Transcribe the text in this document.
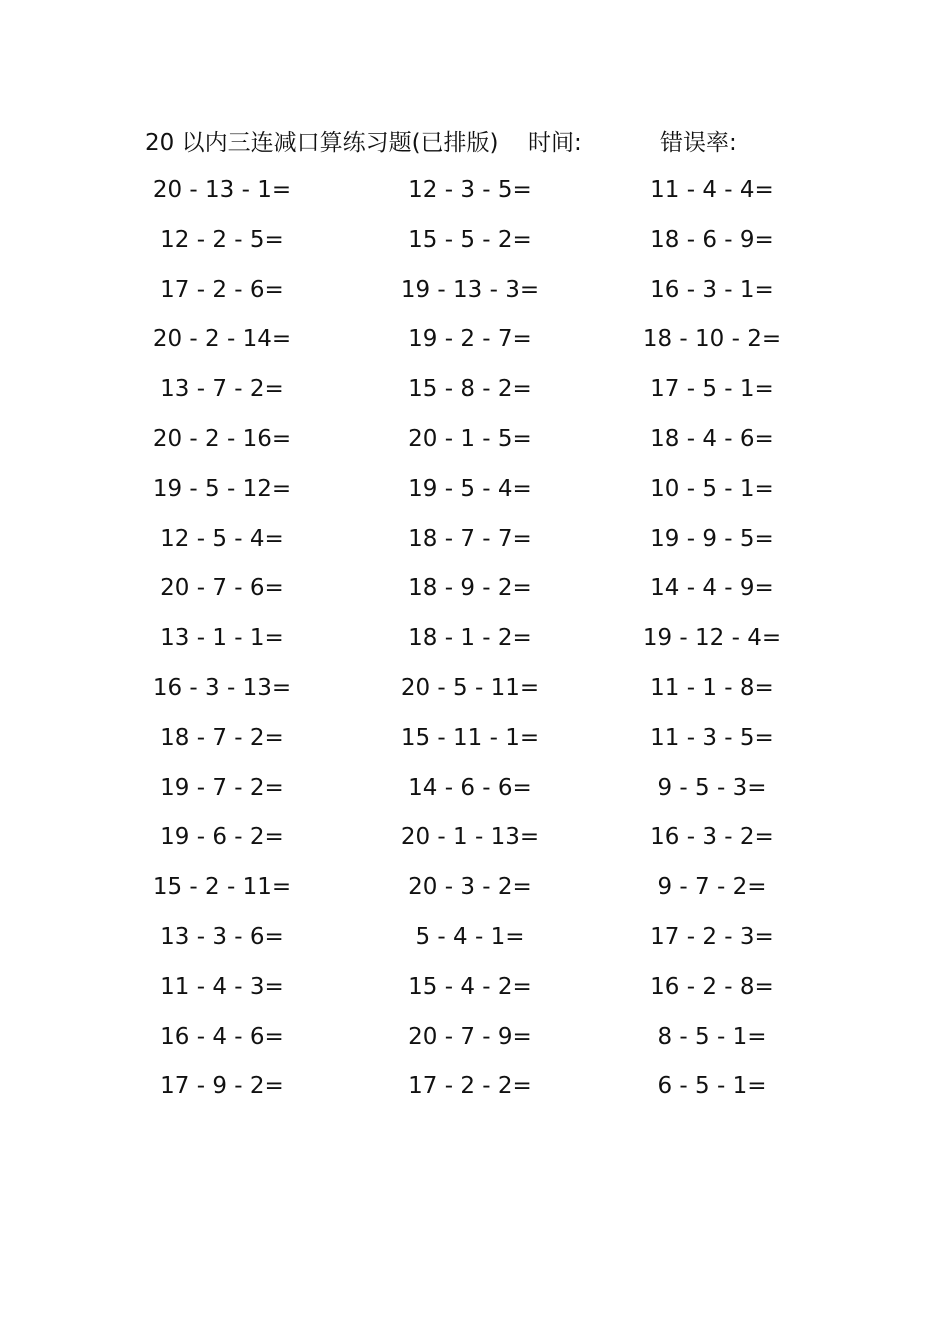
20 以内三连减口算练习题(已排版) 时间:	错误率:
20 - 13 - 1=	12 - 3 - 5=	11 - 4 - 4=
12 - 2 - 5=	15 - 5 - 2=	18 - 6 - 9=
17 - 2 - 6=	19 - 13 - 3=	16 - 3 - 1=
20 - 2 - 14=	19 - 2 - 7=	18 - 10 - 2=
13 - 7 - 2=	15 - 8 - 2=	17 - 5 - 1=
20 - 2 - 16=	20 - 1 - 5=	18 - 4 - 6=
19 - 5 - 12=	19 - 5 - 4=	10 - 5 - 1=
12 - 5 - 4=	18 - 7 - 7=	19 - 9 - 5=
20 - 7 - 6=	18 - 9 - 2=	14 - 4 - 9=
13 - 1 - 1=	18 - 1 - 2=	19 - 12 - 4=
16 - 3 - 13=	20 - 5 - 11=	11 - 1 - 8=
18 - 7 - 2=	15 - 11 - 1=	11 - 3 - 5=
19 - 7 - 2=	14 - 6 - 6=	9 - 5 - 3=
19 - 6 - 2=	20 - 1 - 13=	16 - 3 - 2=
15 - 2 - 11=	20 - 3 - 2=	9 - 7 - 2=
13 - 3 - 6=	5 - 4 - 1=	17 - 2 - 3=
11 - 4 - 3=	15 - 4 - 2=	16 - 2 - 8=
16 - 4 - 6=	20 - 7 - 9=	8 - 5 - 1=
17 - 9 - 2=	17 - 2 - 2=	6 - 5 - 1=
